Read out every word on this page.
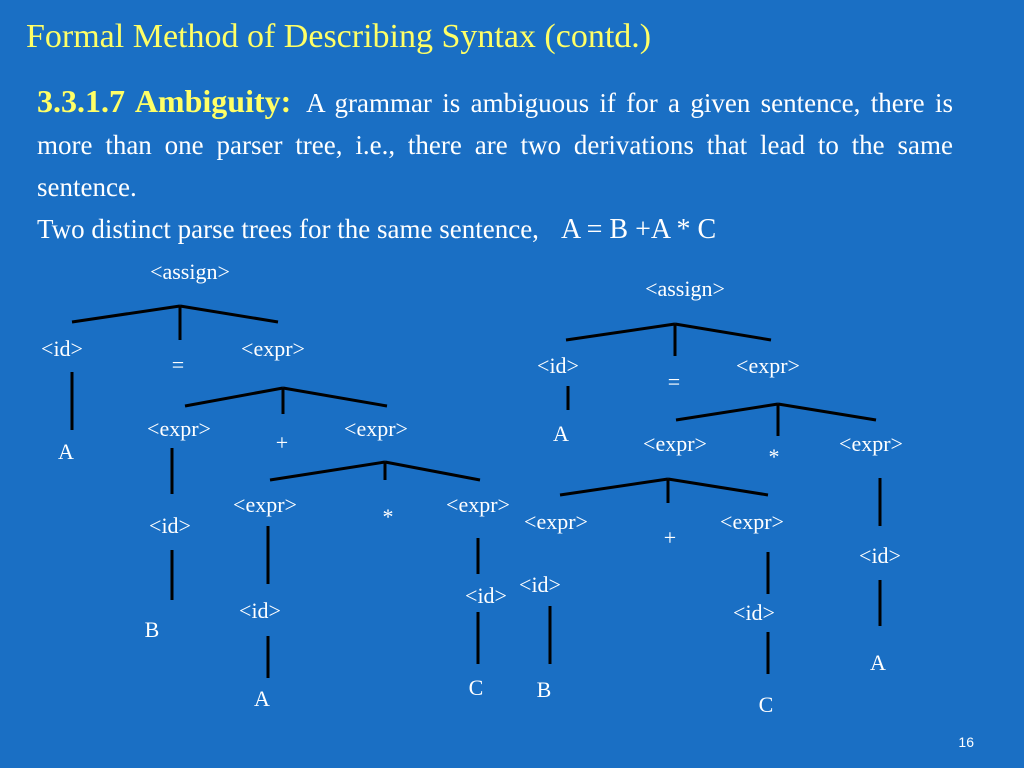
Formal Method of Describing Syntax (contd.)
3.3.1.7 Ambiguity: A grammar is ambiguous if for a given sentence, there is more than one parser tree, i.e., there are two derivations that lead to the same sentence.
Two distinct parse trees for the same sentence, A = B +A * C
<assign>
<id>
=
<expr>
A
<expr>
+
<expr>
<id>
B
<expr>	* <expr>
<id>
A
<id>
C
<assign>
<id>
=
<expr>
A	<expr>
*
<expr>
<expr>
+
<expr>
<id>
B
<id>
C
<id>
A
16
